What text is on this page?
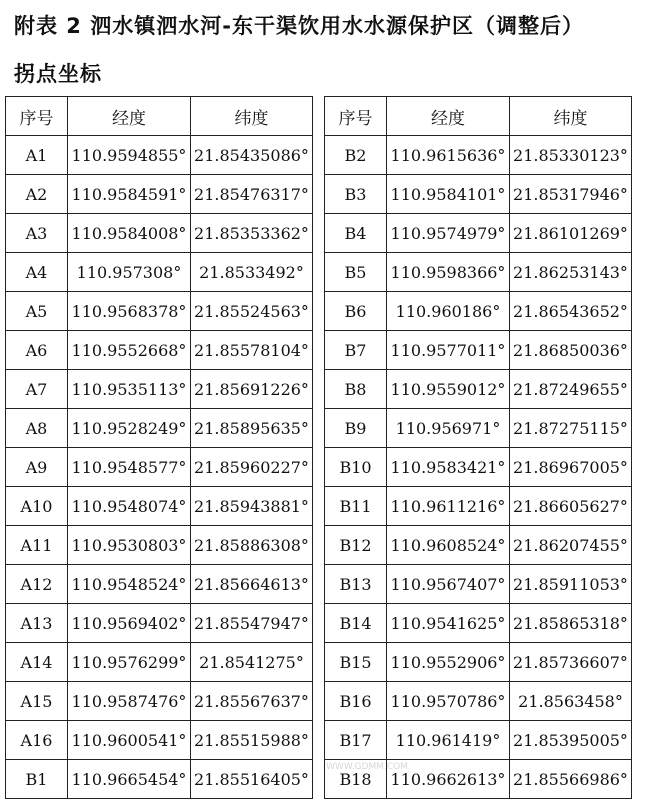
附表 2 泗水镇泗水河-东干渠饮用水水源保护区（调整后）
拐点坐标
序号	经度	纬度
A1	110.9594855°	21.85435086°
A2	110.9584591°	21.85476317°
A3	110.9584008°	21.85353362°
A4	110.957308°	21.8533492°
A5	110.9568378°	21.85524563°
A6	110.9552668°	21.85578104°
A7	110.9535113°	21.85691226°
A8	110.9528249°	21.85895635°
A9	110.9548577°	21.85960227°
A10	110.9548074°	21.85943881°
A11	110.9530803°	21.85886308°
A12	110.9548524°	21.85664613°
A13	110.9569402°	21.85547947°
A14	110.9576299°	21.8541275°
A15	110.9587476°	21.85567637°
A16	110.9600541°	21.85515988°
B1	110.9665454°	21.85516405°
序号	经度	纬度
B2	110.9615636°	21.85330123°
B3	110.9584101°	21.85317946°
B4	110.9574979°	21.86101269°
B5	110.9598366°	21.86253143°
B6	110.960186°	21.86543652°
B7	110.9577011°	21.86850036°
B8	110.9559012°	21.87249655°
B9	110.956971°	21.87275115°
B10	110.9583421°	21.86967005°
B11	110.9611216°	21.86605627°
B12	110.9608524°	21.86207455°
B13	110.9567407°	21.85911053°
B14	110.9541625°	21.85865318°
B15	110.9552906°	21.85736607°
B16	110.9570786°	21.8563458°
B17	110.961419°	21.85395005°
B18	110.9662613°	21.85566986°
WWW.GDMM.COM
